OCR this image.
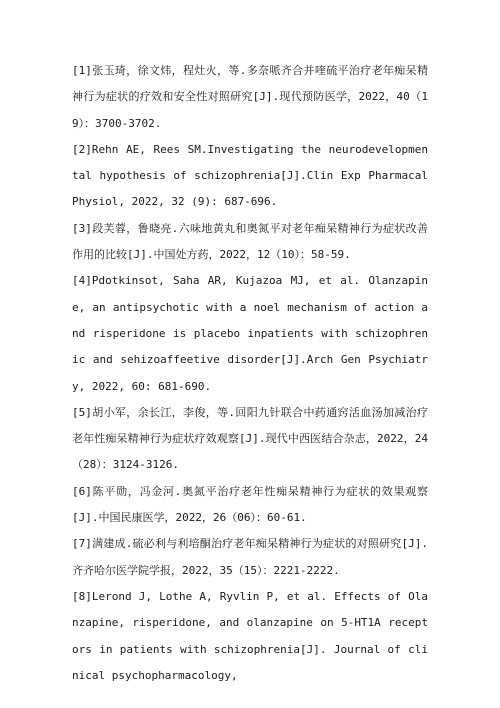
[1]张玉琦，徐文炜，程灶火，等.多奈哌齐合并喹硫平治疗老年痴呆精神行为症状的疗效和安全性对照研究[J].现代预防医学，2022，40（19）：3700-3702.
[2]Rehn AE, Rees SM.Investigating the neurodevelopmental hypothesis of schizophrenia[J].Clin Exp Pharmacal Physiol, 2022, 32 (9): 687-696.
[3]段芙蓉，鲁晓亮.六味地黄丸和奥氮平对老年痴呆精神行为症状改善作用的比较[J].中国处方药，2022，12（10）：58-59.
[4]Pdotkinsot, Saha AR, Kujazoa MJ, et al. Olanzapine, an antipsychotic with a noel mechanism of action and risperidone is placebo inpatients with schizophrenic and sehizoaffeetive disorder[J].Arch Gen Psychiatry, 2022, 60: 681-690.
[5]胡小军，余长江，李俊，等.回阳九针联合中药通窍活血汤加减治疗老年性痴呆精神行为症状疗效观察[J].现代中西医结合杂志，2022，24（28）：3124-3126.
[6]陈平勋，冯金河.奥氮平治疗老年性痴呆精神行为症状的效果观察[J].中国民康医学，2022，26（06）：60-61.
[7]满建成.硫必利与利培酮治疗老年痴呆精神行为症状的对照研究[J].齐齐哈尔医学院学报，2022，35（15）：2221-2222.
[8]Lerond J, Lothe A, Ryvlin P, et al. Effects of Olanzapine, risperidone, and olanzapine on 5-HT1A receptors in patients with schizophrenia[J]. Journal of clinical psychopharmacology,
